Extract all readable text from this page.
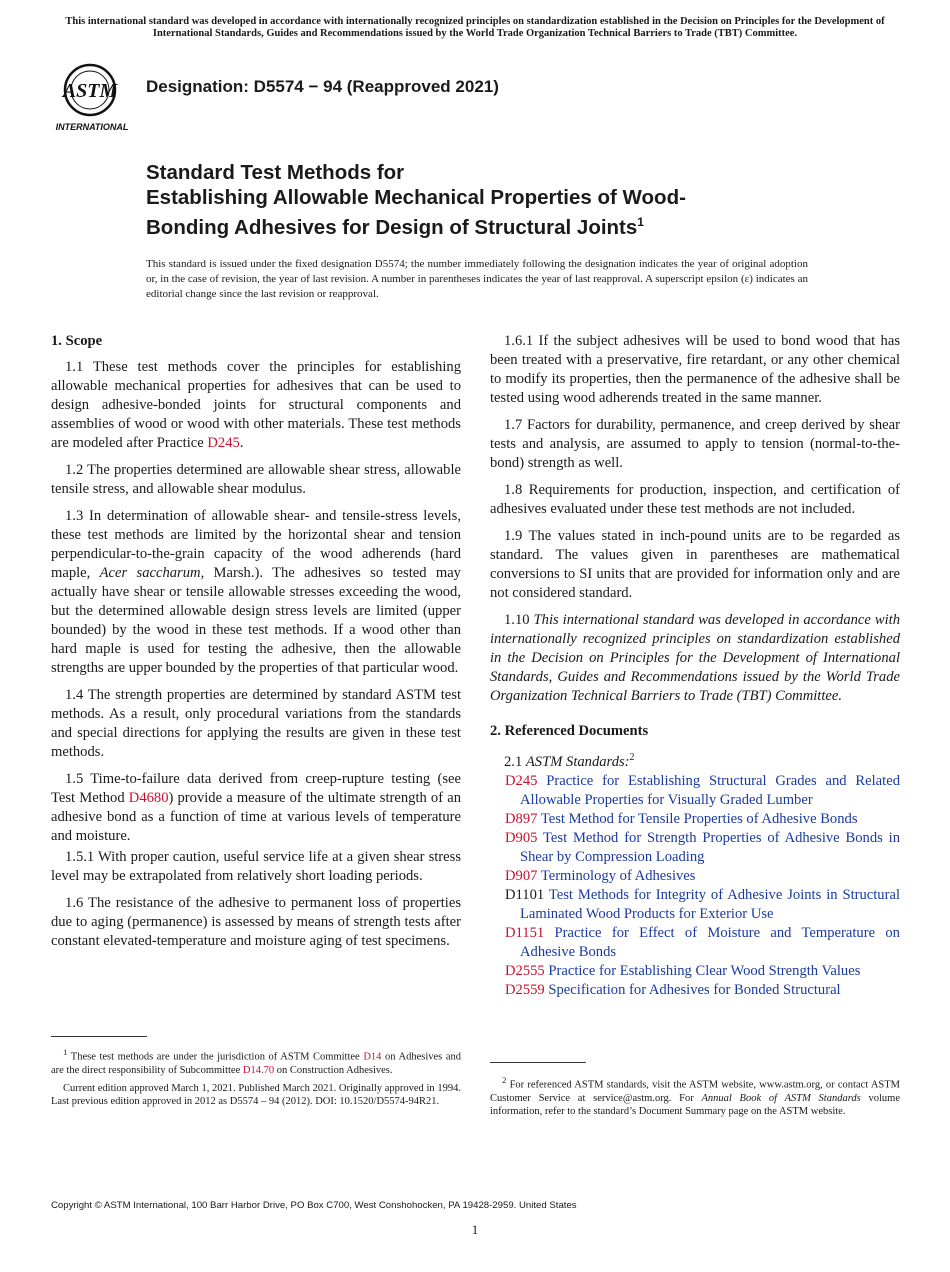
This international standard was developed in accordance with internationally recognized principles on standardization established in the Decision on Principles for the Development of International Standards, Guides and Recommendations issued by the World Trade Organization Technical Barriers to Trade (TBT) Committee.
ASTM
INTERNATIONAL
Designation: D5574 − 94 (Reapproved 2021)
Standard Test Methods for
Establishing Allowable Mechanical Properties of Wood-
Bonding Adhesives for Design of Structural Joints$^1$
This standard is issued under the fixed designation D5574; the number immediately following the designation indicates the year of original adoption or, in the case of revision, the year of last revision. A number in parentheses indicates the year of last reapproval. A superscript epsilon (ε) indicates an editorial change since the last revision or reapproval.
1. Scope

1.1 These test methods cover the principles for establishing allowable mechanical properties for adhesives that can be used to design adhesive-bonded joints for structural components and assemblies of wood or wood with other materials. These test methods are modeled after Practice D245.

1.2 The properties determined are allowable shear stress, allowable tensile stress, and allowable shear modulus.

1.3 In determination of allowable shear- and tensile-stress levels, these test methods are limited by the horizontal shear and tension perpendicular-to-the-grain capacity of the wood adherends (hard maple, Acer saccharum, Marsh.). The adhesives so tested may actually have shear or tensile allowable stresses exceeding the wood, but the determined allowable design stress levels are limited (upper bounded) by the wood in these test methods. If a wood other than hard maple is used for testing the adhesive, then the allowable strengths are upper bounded by the properties of that particular wood.

1.4 The strength properties are determined by standard ASTM test methods. As a result, only procedural variations from the standards and special directions for applying the results are given in these test methods.

1.5 Time-to-failure data derived from creep-rupture testing (see Test Method D4680) provide a measure of the ultimate strength of an adhesive bond as a function of time at various levels of temperature and moisture.

1.5.1 With proper caution, useful service life at a given shear stress level may be extrapolated from relatively short loading periods.

1.6 The resistance of the adhesive to permanent loss of properties due to aging (permanence) is assessed by means of strength tests after constant elevated-temperature and moisture aging of test specimens.

1.6.1 If the subject adhesives will be used to bond wood that has been treated with a preservative, fire retardant, or any other chemical to modify its properties, then the permanence of the adhesive shall be tested using wood adherends treated in the same manner.

1.7 Factors for durability, permanence, and creep derived by shear tests and analysis, are assumed to apply to tension (normal-to-the-bond) strength as well.

1.8 Requirements for production, inspection, and certification of adhesives evaluated under these test methods are not included.

1.9 The values stated in inch-pound units are to be regarded as standard. The values given in parentheses are mathematical conversions to SI units that are provided for information only and are not considered standard.

1.10 This international standard was developed in accordance with internationally recognized principles on standardization established in the Decision on Principles for the Development of International Standards, Guides and Recommendations issued by the World Trade Organization Technical Barriers to Trade (TBT) Committee.

2. Referenced Documents

2.1 ASTM Standards:$^2$

D245 Practice for Establishing Structural Grades and Related Allowable Properties for Visually Graded Lumber
D897 Test Method for Tensile Properties of Adhesive Bonds
D905 Test Method for Strength Properties of Adhesive Bonds in Shear by Compression Loading
D907 Terminology of Adhesives
D1101 Test Methods for Integrity of Adhesive Joints in Structural Laminated Wood Products for Exterior Use
D1151 Practice for Effect of Moisture and Temperature on Adhesive Bonds
D2555 Practice for Establishing Clear Wood Strength Values
D2559 Specification for Adhesives for Bonded Structural

$^1$ These test methods are under the jurisdiction of ASTM Committee D14 on Adhesives and are the direct responsibility of Subcommittee D14.70 on Construction Adhesives.

Current edition approved March 1, 2021. Published March 2021. Originally approved in 1994. Last previous edition approved in 2012 as D5574 – 94 (2012). DOI: 10.1520/D5574-94R21.

$^2$ For referenced ASTM standards, visit the ASTM website, www.astm.org, or contact ASTM Customer Service at service@astm.org. For Annual Book of ASTM Standards volume information, refer to the standard’s Document Summary page on the ASTM website.

Copyright © ASTM International, 100 Barr Harbor Drive, PO Box C700, West Conshohocken, PA 19428-2959. United States
1
